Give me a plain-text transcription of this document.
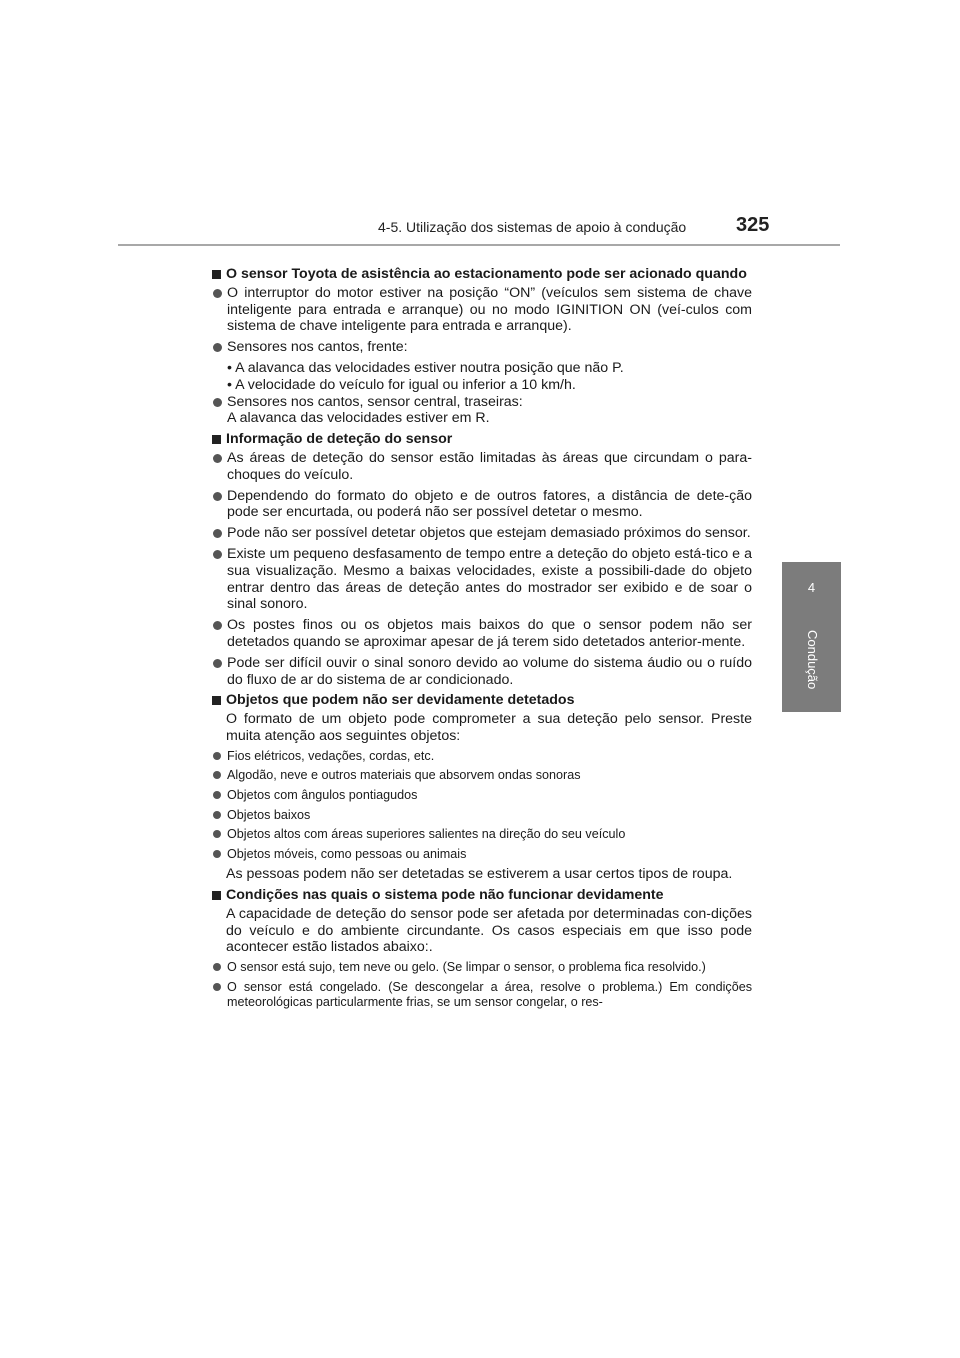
4-5. Utilização dos sistemas de apoio à condução 325
4
Condução
O sensor Toyota de asistência ao estacionamento pode ser acionado quando
O interruptor do motor estiver na posição “ON” (veículos sem sistema de chave inteligente para entrada e arranque) ou no modo IGINITION ON (veí-culos com sistema de chave inteligente para entrada e arranque).
Sensores nos cantos, frente:
• A alavanca das velocidades estiver noutra posição que não P.
• A velocidade do veículo for igual ou inferior a 10 km/h.
Sensores nos cantos, sensor central, traseiras:
A alavanca das velocidades estiver em R.
Informação de deteção do sensor
As áreas de deteção do sensor estão limitadas às áreas que circundam o para-choques do veículo.
Dependendo do formato do objeto e de outros fatores, a distância de dete-ção pode ser encurtada, ou poderá não ser possível detetar o mesmo.
Pode não ser possível detetar objetos que estejam demasiado próximos do sensor.
Existe um pequeno desfasamento de tempo entre a deteção do objeto está-tico e a sua visualização. Mesmo a baixas velocidades, existe a possibili-dade do objeto entrar dentro das áreas de deteção antes do mostrador ser exibido e de soar o sinal sonoro.
Os postes finos ou os objetos mais baixos do que o sensor podem não ser detetados quando se aproximar apesar de já terem sido detetados anterior-mente.
Pode ser difícil ouvir o sinal sonoro devido ao volume do sistema áudio ou o ruído do fluxo de ar do sistema de ar condicionado.
Objetos que podem não ser devidamente detetados
O formato de um objeto pode comprometer a sua deteção pelo sensor. Preste muita atenção aos seguintes objetos:
Fios elétricos, vedações, cordas, etc.
Algodão, neve e outros materiais que absorvem ondas sonoras
Objetos com ângulos pontiagudos
Objetos baixos
Objetos altos com áreas superiores salientes na direção do seu veículo
Objetos móveis, como pessoas ou animais
As pessoas podem não ser detetadas se estiverem a usar certos tipos de roupa.
Condições nas quais o sistema pode não funcionar devidamente
A capacidade de deteção do sensor pode ser afetada por determinadas con-dições do veículo e do ambiente circundante. Os casos especiais em que isso pode acontecer estão listados abaixo:.
O sensor está sujo, tem neve ou gelo. (Se limpar o sensor, o problema fica resolvido.)
O sensor está congelado. (Se descongelar a área, resolve o problema.) Em condições meteorológicas particularmente frias, se um sensor congelar, o res-
